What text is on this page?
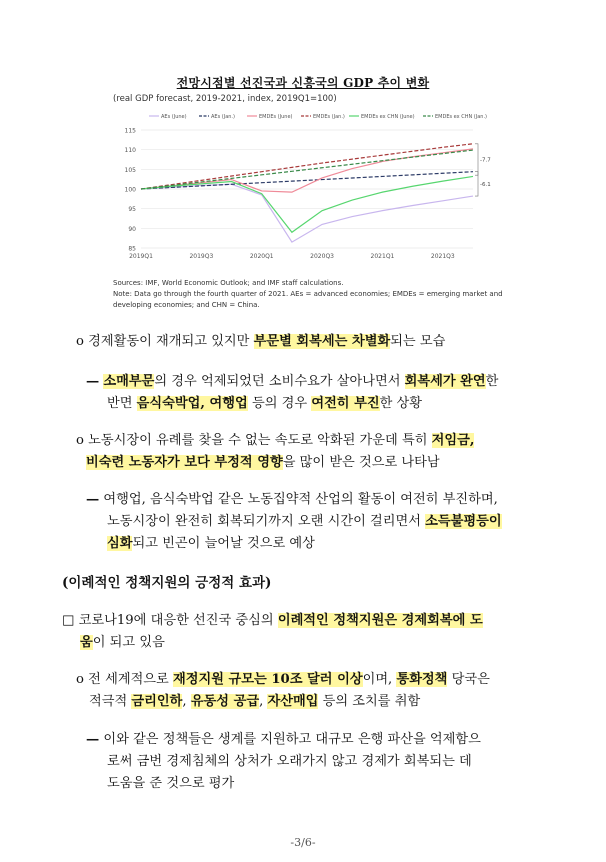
전망시점별 선진국과 신흥국의 GDP 추이 변화
(real GDP forecast, 2019-2021, index, 2019Q1=100)
85
90
95
100
105
110
115
2019Q1	2019Q3	2020Q1	2020Q3	2021Q1	2021Q3
AEs (June)	AEs (Jan.)	EMDEs (June)	EMDEs (Jan.)	EMDEs ex CHN (June)	EMDEs ex CHN (Jan.)
-7.7
-6.1
Sources: IMF, World Economic Outlook; and IMF staff calculations.
Note: Data go through the fourth quarter of 2021. AEs = advanced economies; EMDEs = emerging market and
developing economies; and CHN = China.
o 경제활동이 재개되고 있지만 부문별 회복세는 차별화되는 모습
— 소매부문의 경우 억제되었던 소비수요가 살아나면서 회복세가 완연한
반면 음식숙박업, 여행업 등의 경우 여전히 부진한 상황
o 노동시장이 유례를 찾을 수 없는 속도로 악화된 가운데 특히 저임금,
비숙련 노동자가 보다 부정적 영향을 많이 받은 것으로 나타남
— 여행업, 음식숙박업 같은 노동집약적 산업의 활동이 여전히 부진하며,
노동시장이 완전히 회복되기까지 오랜 시간이 걸리면서 소득불평등이
심화되고 빈곤이 늘어날 것으로 예상
(이례적인 정책지원의 긍정적 효과)
□ 코로나19에 대응한 선진국 중심의 이례적인 정책지원은 경제회복에 도
움이 되고 있음
o 전 세계적으로 재정지원 규모는 10조 달러 이상이며, 통화정책 당국은
적극적 금리인하, 유동성 공급, 자산매입 등의 조치를 취함
— 이와 같은 정책들은 생계를 지원하고 대규모 은행 파산을 억제함으
로써 금번 경제침체의 상처가 오래가지 않고 경제가 회복되는 데
도움을 준 것으로 평가
-3/6-
